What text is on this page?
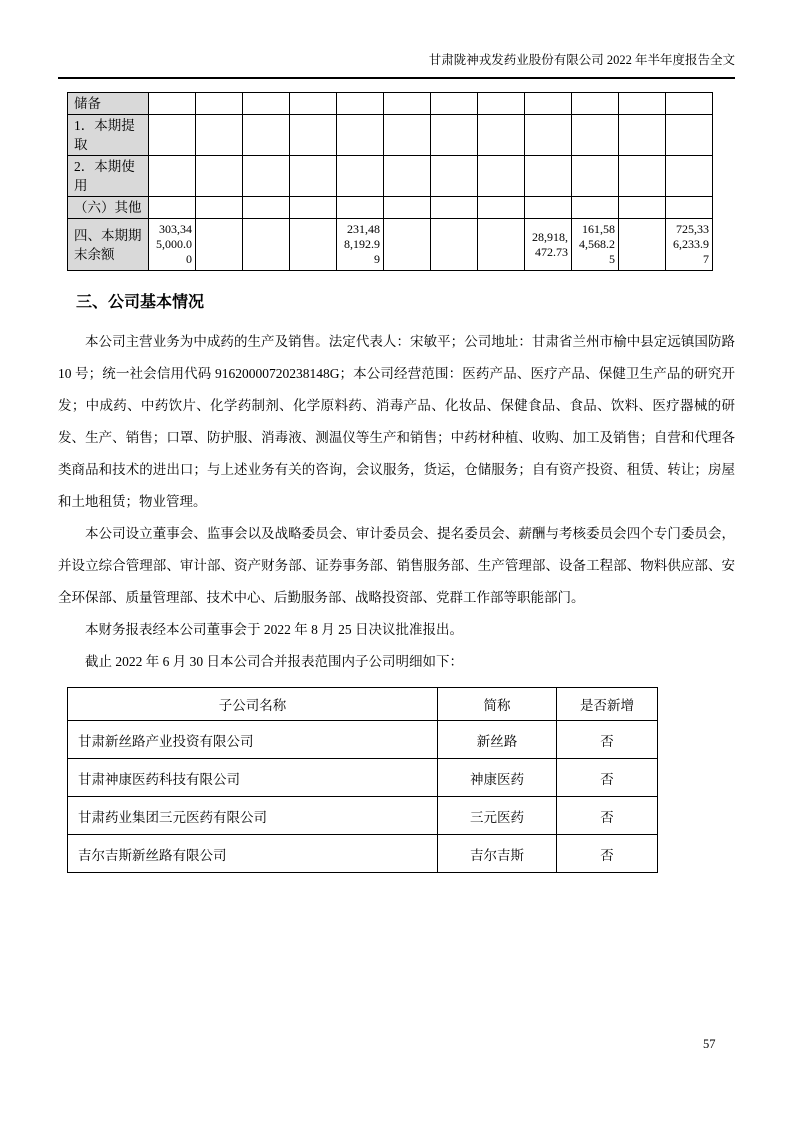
甘肃陇神戎发药业股份有限公司 2022 年半年度报告全文
储备												
1．本期提取												
2．本期使用												
（六）其他												
四、本期期末余额	303,345,000.00				231,488,192.99				28,918,472.73	161,584,568.25		725,336,233.97
三、公司基本情况

本公司主营业务为中成药的生产及销售。法定代表人：宋敏平；公司地址：甘肃省兰州市榆中县定远镇国防路 10 号；统一社会信用代码 91620000720238148G；本公司经营范围：医药产品、医疗产品、保健卫生产品的研究开发；中成药、中药饮片、化学药制剂、化学原料药、消毒产品、化妆品、保健食品、食品、饮料、医疗器械的研发、生产、销售；口罩、防护服、消毒液、测温仪等生产和销售；中药材种植、收购、加工及销售；自营和代理各类商品和技术的进出口；与上述业务有关的咨询，会议服务，货运，仓储服务；自有资产投资、租赁、转让；房屋和土地租赁；物业管理。

本公司设立董事会、监事会以及战略委员会、审计委员会、提名委员会、薪酬与考核委员会四个专门委员会，并设立综合管理部、审计部、资产财务部、证券事务部、销售服务部、生产管理部、设备工程部、物料供应部、安全环保部、质量管理部、技术中心、后勤服务部、战略投资部、党群工作部等职能部门。

本财务报表经本公司董事会于 2022 年 8 月 25 日决议批准报出。

截止 2022 年 6 月 30 日本公司合并报表范围内子公司明细如下：

子公司名称	简称	是否新增
甘肃新丝路产业投资有限公司	新丝路	否
甘肃神康医药科技有限公司	神康医药	否
甘肃药业集团三元医药有限公司	三元医药	否
吉尔吉斯新丝路有限公司	吉尔吉斯	否
57
